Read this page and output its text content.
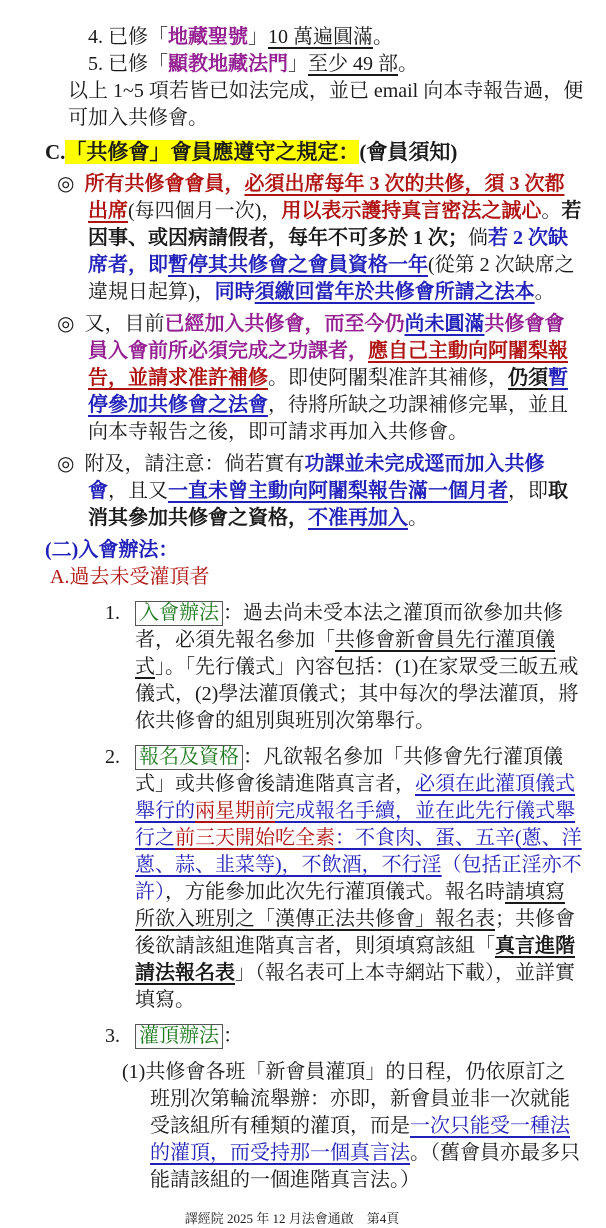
4. 已修「地藏聖號」10 萬遍圓滿。
5. 已修「顯教地藏法門」至少 49 部。
以上 1~5 項若皆已如法完成，並已 email 向本寺報告過，便可加入共修會。
C.「共修會」會員應遵守之規定：(會員須知)
◎ 所有共修會會員，必須出席每年 3 次的共修，須 3 次都出席(每四個月一次)，用以表示護持真言密法之誠心。若因事、或因病請假者，每年不可多於 1 次；倘若 2 次缺席者，即暫停其共修會之會員資格一年(從第 2 次缺席之違規日起算)，同時須繳回當年於共修會所請之法本。
◎ 又，目前已經加入共修會，而至今仍尚未圓滿共修會會員入會前所必須完成之功課者，應自己主動向阿闍梨報告，並請求准許補修。即使阿闍梨准許其補修，仍須暫停參加共修會之法會，待將所缺之功課補修完畢，並且向本寺報告之後，即可請求再加入共修會。
◎ 附及，請注意：倘若實有功課並未完成逕而加入共修會，且又一直未曾主動向阿闍梨報告滿一個月者，即取消其參加共修會之資格，不准再加入。
(二)入會辦法：
A.過去未受灌頂者
1. 入會辦法 ：過去尚未受本法之灌頂而欲參加共修者，必須先報名參加「共修會新會員先行灌頂儀式」。「先行儀式」內容包括：(1)在家眾受三皈五戒儀式，(2)學法灌頂儀式；其中每次的學法灌頂，將依共修會的組別與班別次第舉行。
2. 報名及資格 ：凡欲報名參加「共修會先行灌頂儀式」或共修會後請進階真言者，必須在此灌頂儀式舉行的兩星期前完成報名手續，並在此先行儀式舉行之前三天開始吃全素：不食肉、蛋、五辛(蔥、洋蔥、蒜、韭菜等)，不飲酒，不行淫（包括正淫亦不許），方能參加此次先行灌頂儀式。報名時請填寫所欲入班別之「漢傳正法共修會」報名表；共修會後欲請該組進階真言者，則須填寫該組「真言進階請法報名表」（報名表可上本寺網站下載），並詳實填寫。
3. 灌頂辦法 ：
(1)共修會各班「新會員灌頂」的日程，仍依原訂之班別次第輪流舉辦：亦即，新會員並非一次就能受該組所有種類的灌頂，而是一次只能受一種法的灌頂，而受持那一個真言法。（舊會員亦最多只能請該組的一個進階真言法。）
譯經院 2025 年 12 月法會通啟　第4頁
